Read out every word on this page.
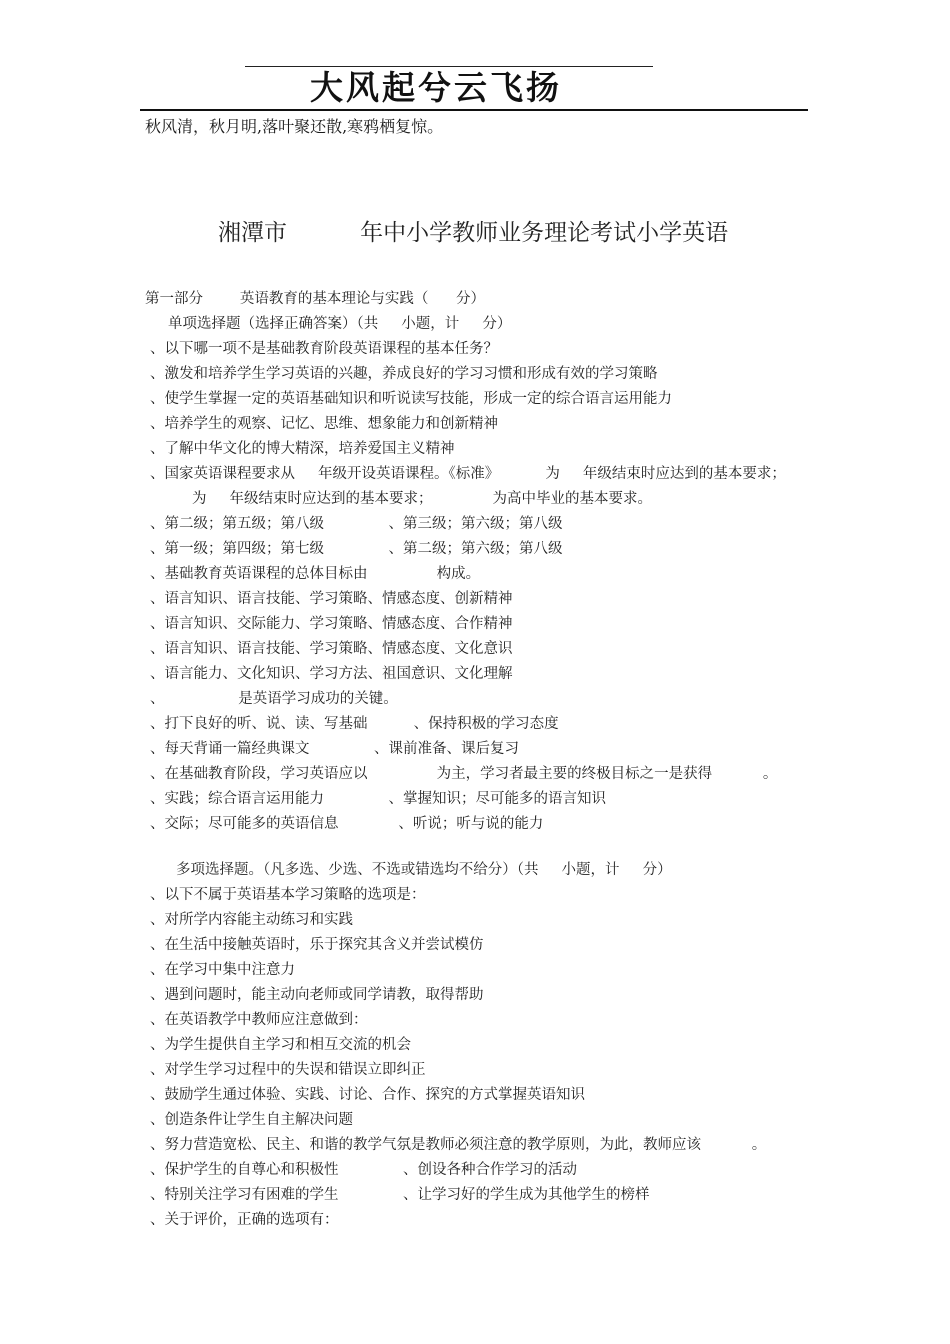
大风起兮云飞扬
秋风清，秋月明,落叶聚还散,寒鸦栖复惊。
湘潭市          年中小学教师业务理论考试小学英语
第一部分        英语教育的基本理论与实践（      分）
单项选择题（选择正确答案）（共     小题，计     分）
、以下哪一项不是基础教育阶段英语课程的基本任务？
、激发和培养学生学习英语的兴趣，养成良好的学习习惯和形成有效的学习策略
、使学生掌握一定的英语基础知识和听说读写技能，形成一定的综合语言运用能力
、培养学生的观察、记忆、思维、想象能力和创新精神
、了解中华文化的博大精深，培养爱国主义精神
、国家英语课程要求从     年级开设英语课程。《标准》          为     年级结束时应达到的基本要求；
为     年级结束时应达到的基本要求；             为高中毕业的基本要求。
、第二级；第五级；第八级              、第三级；第六级；第八级
、第一级；第四级；第七级              、第二级；第六级；第八级
、基础教育英语课程的总体目标由               构成。
、语言知识、语言技能、学习策略、情感态度、创新精神
、语言知识、交际能力、学习策略、情感态度、合作精神
、语言知识、语言技能、学习策略、情感态度、文化意识
、语言能力、文化知识、学习方法、祖国意识、文化理解
、                是英语学习成功的关键。
、打下良好的听、说、读、写基础          、保持积极的学习态度
、每天背诵一篇经典课文              、课前准备、课后复习
、在基础教育阶段，学习英语应以               为主，学习者最主要的终极目标之一是获得           。
、实践；综合语言运用能力              、掌握知识；尽可能多的语言知识
、交际；尽可能多的英语信息             、听说；听与说的能力
多项选择题。（凡多选、少选、不选或错选均不给分）（共     小题，计     分）
、以下不属于英语基本学习策略的选项是：
、对所学内容能主动练习和实践
、在生活中接触英语时，乐于探究其含义并尝试模仿
、在学习中集中注意力
、遇到问题时，能主动向老师或同学请教，取得帮助
、在英语教学中教师应注意做到：
、为学生提供自主学习和相互交流的机会
、对学生学习过程中的失误和错误立即纠正
、鼓励学生通过体验、实践、讨论、合作、探究的方式掌握英语知识
、创造条件让学生自主解决问题
、努力营造宽松、民主、和谐的教学气氛是教师必须注意的教学原则，为此，教师应该           。
、保护学生的自尊心和积极性              、创设各种合作学习的活动
、特别关注学习有困难的学生              、让学习好的学生成为其他学生的榜样
、关于评价，正确的选项有：
